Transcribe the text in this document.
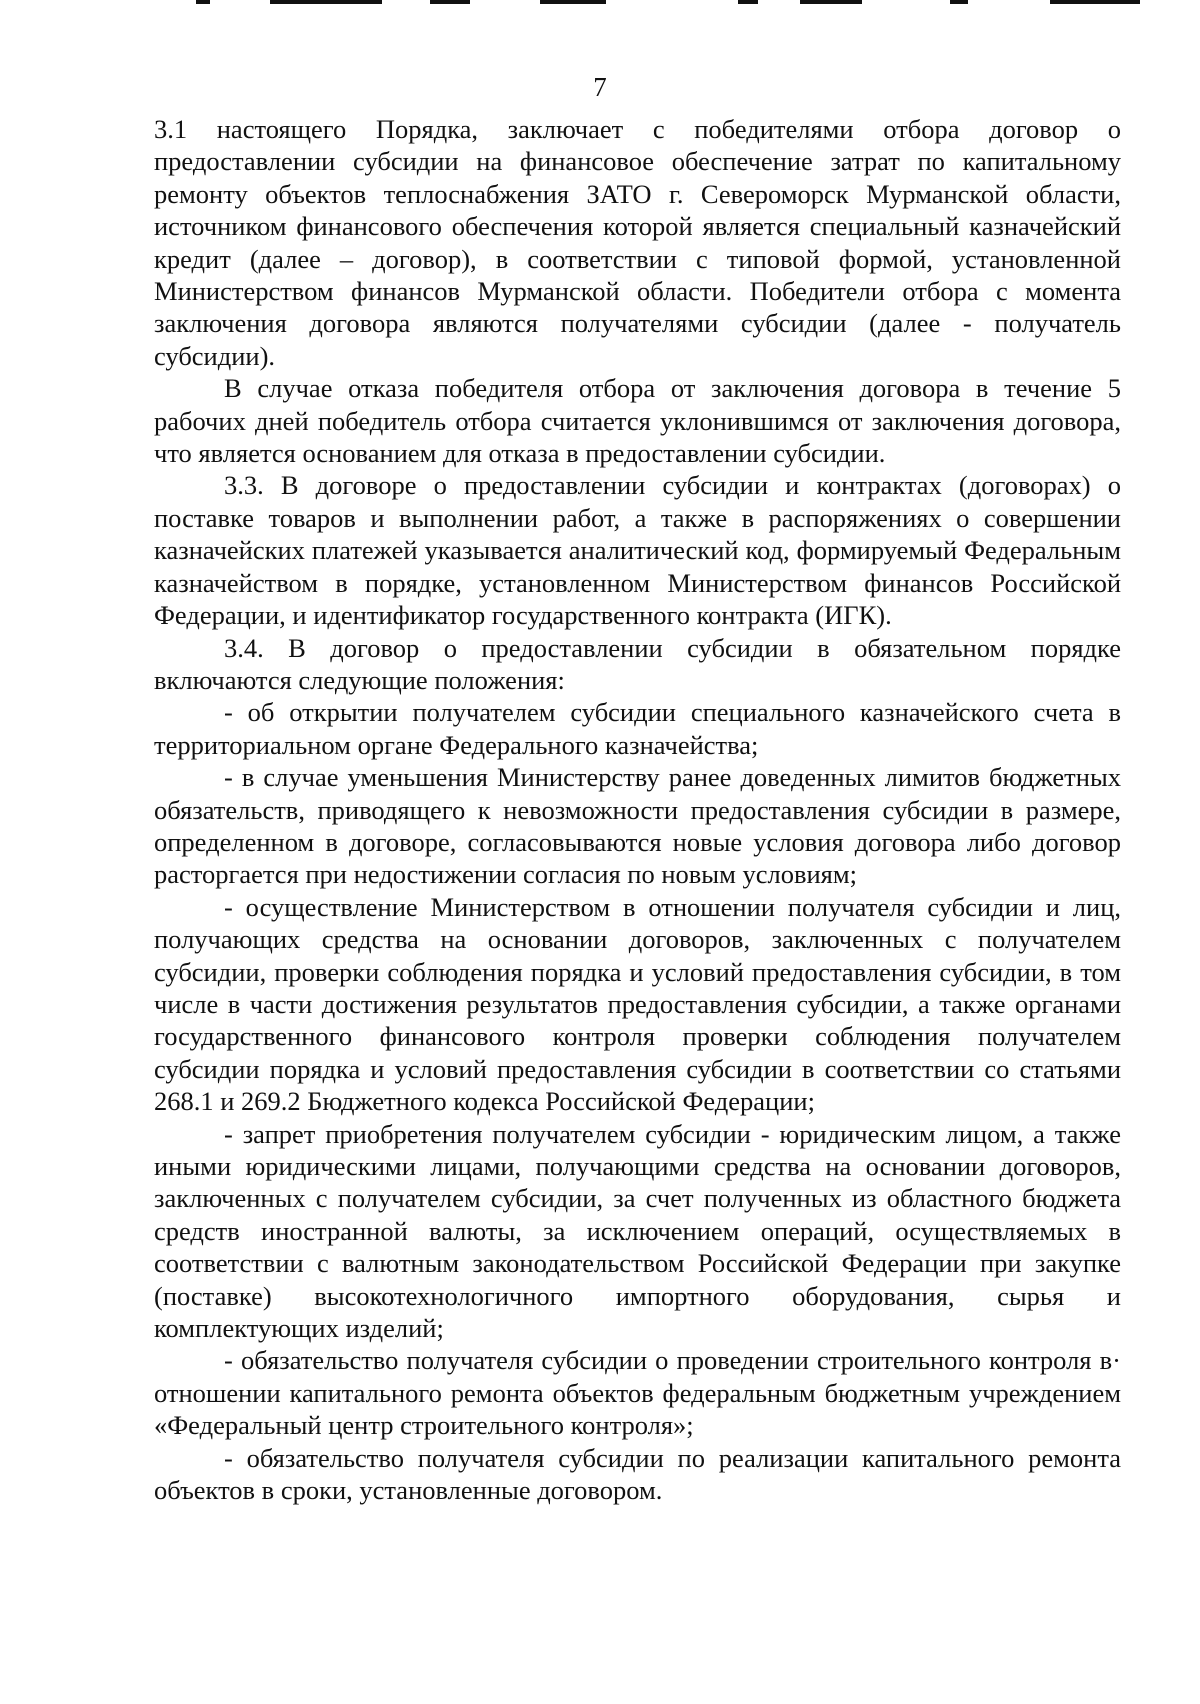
7

3.1 настоящего Порядка, заключает с победителями отбора договор о предоставлении субсидии на финансовое обеспечение затрат по капитальному ремонту объектов теплоснабжения ЗАТО г. Североморск Мурманской области, источником финансового обеспечения которой является специальный казначейский кредит (далее – договор), в соответствии с типовой формой, установленной Министерством финансов Мурманской области. Победители отбора с момента заключения договора являются получателями субсидии (далее - получатель субсидии).

В случае отказа победителя отбора от заключения договора в течение 5 рабочих дней победитель отбора считается уклонившимся от заключения договора, что является основанием для отказа в предоставлении субсидии.

3.3. В договоре о предоставлении субсидии и контрактах (договорах) о поставке товаров и выполнении работ, а также в распоряжениях о совершении казначейских платежей указывается аналитический код, формируемый Федеральным казначейством в порядке, установленном Министерством финансов Российской Федерации, и идентификатор государственного контракта (ИГК).

3.4. В договор о предоставлении субсидии в обязательном порядке включаются следующие положения:

- об открытии получателем субсидии специального казначейского счета в территориальном органе Федерального казначейства;

- в случае уменьшения Министерству ранее доведенных лимитов бюджетных обязательств, приводящего к невозможности предоставления субсидии в размере, определенном в договоре, согласовываются новые условия договора либо договор расторгается при недостижении согласия по новым условиям;

- осуществление Министерством в отношении получателя субсидии и лиц, получающих средства на основании договоров, заключенных с получателем субсидии, проверки соблюдения порядка и условий предоставления субсидии, в том числе в части достижения результатов предоставления субсидии, а также органами государственного финансового контроля проверки соблюдения получателем субсидии порядка и условий предоставления субсидии в соответствии со статьями 268.1 и 269.2 Бюджетного кодекса Российской Федерации;

- запрет приобретения получателем субсидии - юридическим лицом, а также иными юридическими лицами, получающими средства на основании договоров, заключенных с получателем субсидии, за счет полученных из областного бюджета средств иностранной валюты, за исключением операций, осуществляемых в соответствии с валютным законодательством Российской Федерации при закупке (поставке) высокотехнологичного импортного оборудования, сырья и комплектующих изделий;

- обязательство получателя субсидии о проведении строительного контроля в· отношении капитального ремонта объектов федеральным бюджетным учреждением «Федеральный центр строительного контроля»;

- обязательство получателя субсидии по реализации капитального ремонта объектов в сроки, установленные договором.
